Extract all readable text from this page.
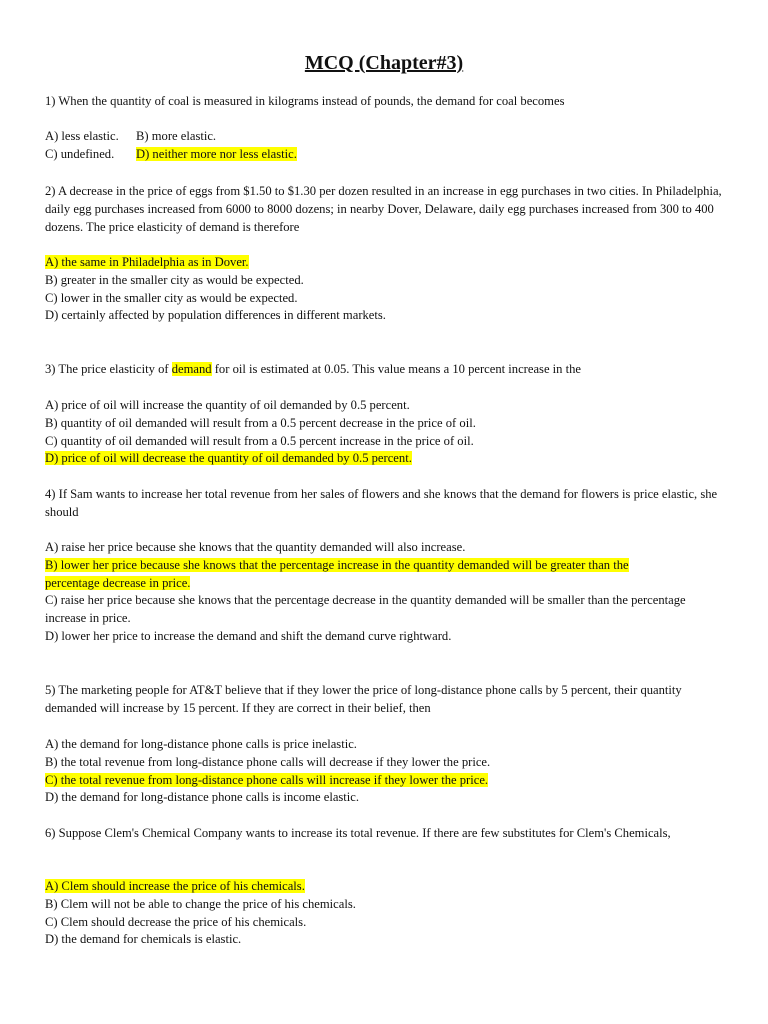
MCQ (Chapter#3)

1) When the quantity of coal is measured in kilograms instead of pounds, the demand for coal becomes

A) less elastic.	B) more elastic.
C) undefined.	D) neither more nor less elastic.

2) A decrease in the price of eggs from $1.50 to $1.30 per dozen resulted in an increase in egg purchases in two cities. In Philadelphia, daily egg purchases increased from 6000 to 8000 dozens; in nearby Dover, Delaware, daily egg purchases increased from 300 to 400 dozens. The price elasticity of demand is therefore

A) the same in Philadelphia as in Dover.

B) greater in the smaller city as would be expected.

C) lower in the smaller city as would be expected.

D) certainly affected by population differences in different markets.

3) The price elasticity of demand for oil is estimated at 0.05. This value means a 10 percent increase in the

A) price of oil will increase the quantity of oil demanded by 0.5 percent.

B) quantity of oil demanded will result from a 0.5 percent decrease in the price of oil.

C) quantity of oil demanded will result from a 0.5 percent increase in the price of oil.

D) price of oil will decrease the quantity of oil demanded by 0.5 percent.

4) If Sam wants to increase her total revenue from her sales of flowers and she knows that the demand for flowers is price elastic, she should

A) raise her price because she knows that the quantity demanded will also increase.

B) lower her price because she knows that the percentage increase in the quantity demanded will be greater than the

percentage decrease in price.

C) raise her price because she knows that the percentage decrease in the quantity demanded will be smaller than the percentage increase in price.

D) lower her price to increase the demand and shift the demand curve rightward.

5) The marketing people for AT&T believe that if they lower the price of long-distance phone calls by 5 percent, their quantity demanded will increase by 15 percent. If they are correct in their belief, then

A) the demand for long-distance phone calls is price inelastic.

B) the total revenue from long-distance phone calls will decrease if they lower the price.

C) the total revenue from long-distance phone calls will increase if they lower the price.

D) the demand for long-distance phone calls is income elastic.

6) Suppose Clem's Chemical Company wants to increase its total revenue. If there are few substitutes for Clem's Chemicals,

A) Clem should increase the price of his chemicals.

B) Clem will not be able to change the price of his chemicals.

C) Clem should decrease the price of his chemicals.

D) the demand for chemicals is elastic.
